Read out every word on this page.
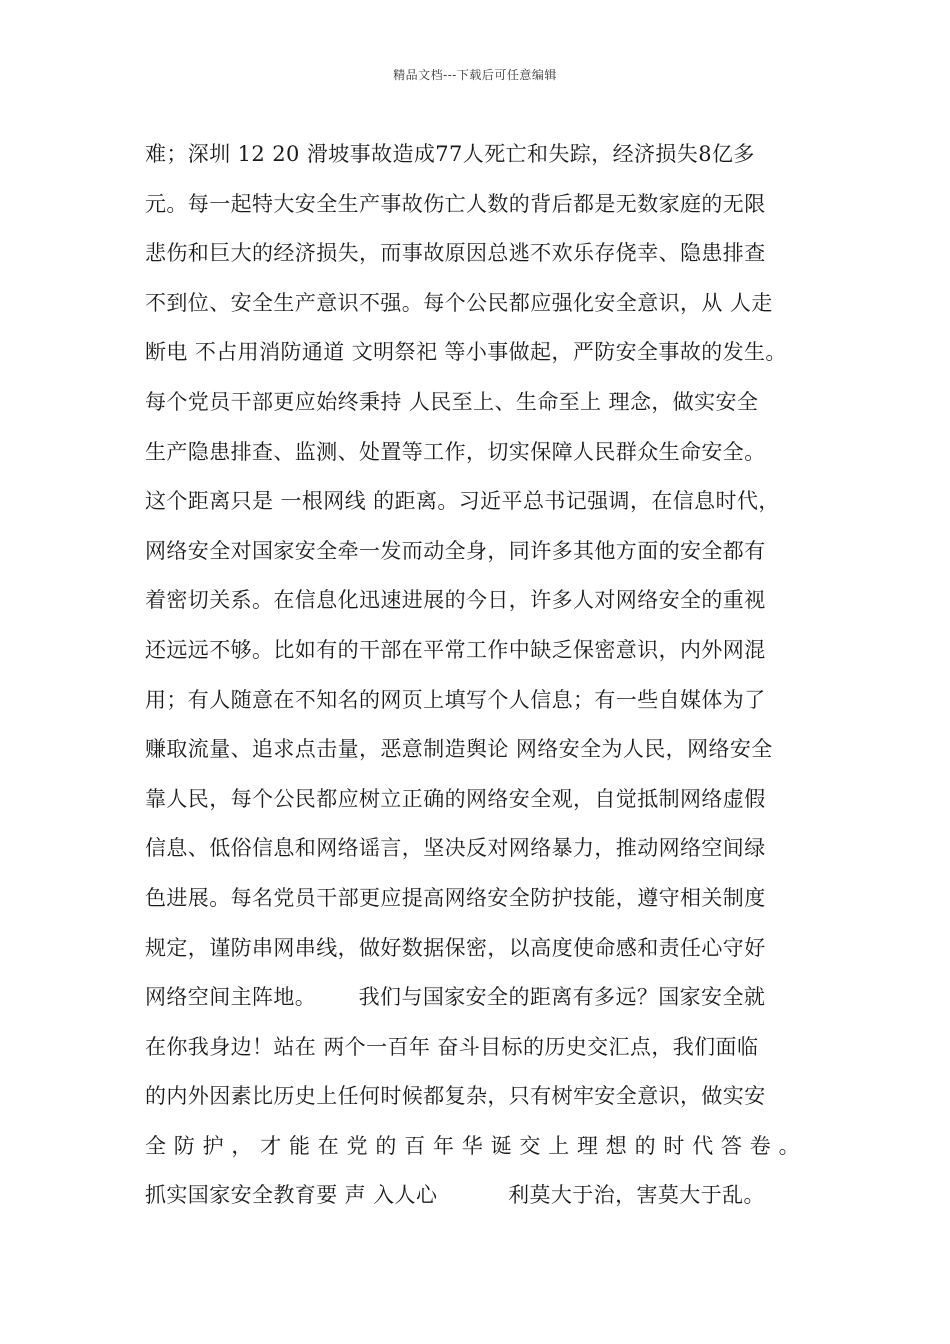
精品文档---下载后可任意编辑
难；深圳 12 20 滑坡事故造成77人死亡和失踪，经济损失8亿多
元。每一起特大安全生产事故伤亡人数的背后都是无数家庭的无限
悲伤和巨大的经济损失，而事故原因总逃不欢乐存侥幸、隐患排查
不到位、安全生产意识不强。每个公民都应强化安全意识，从 人走
断电 不占用消防通道 文明祭祀 等小事做起，严防安全事故的发生。
每个党员干部更应始终秉持 人民至上、生命至上 理念，做实安全
生产隐患排查、监测、处置等工作，切实保障人民群众生命安全。
这个距离只是 一根网线 的距离。习近平总书记强调，在信息时代，
网络安全对国家安全牵一发而动全身，同许多其他方面的安全都有
着密切关系。在信息化迅速进展的今日，许多人对网络安全的重视
还远远不够。比如有的干部在平常工作中缺乏保密意识，内外网混
用；有人随意在不知名的网页上填写个人信息；有一些自媒体为了
赚取流量、追求点击量，恶意制造舆论 网络安全为人民，网络安全
靠人民，每个公民都应树立正确的网络安全观，自觉抵制网络虚假
信息、低俗信息和网络谣言，坚决反对网络暴力，推动网络空间绿
色进展。每名党员干部更应提高网络安全防护技能，遵守相关制度
规定，谨防串网串线，做好数据保密，以高度使命感和责任心守好
网络空间主阵地。      我们与国家安全的距离有多远？国家安全就
在你我身边！站在 两个一百年 奋斗目标的历史交汇点，我们面临
的内外因素比历史上任何时候都复杂，只有树牢安全意识，做实安
全防护，才能在党的百年华诞交上理想的时代答卷。
抓实国家安全教育要 声 入人心          利莫大于治，害莫大于乱。
